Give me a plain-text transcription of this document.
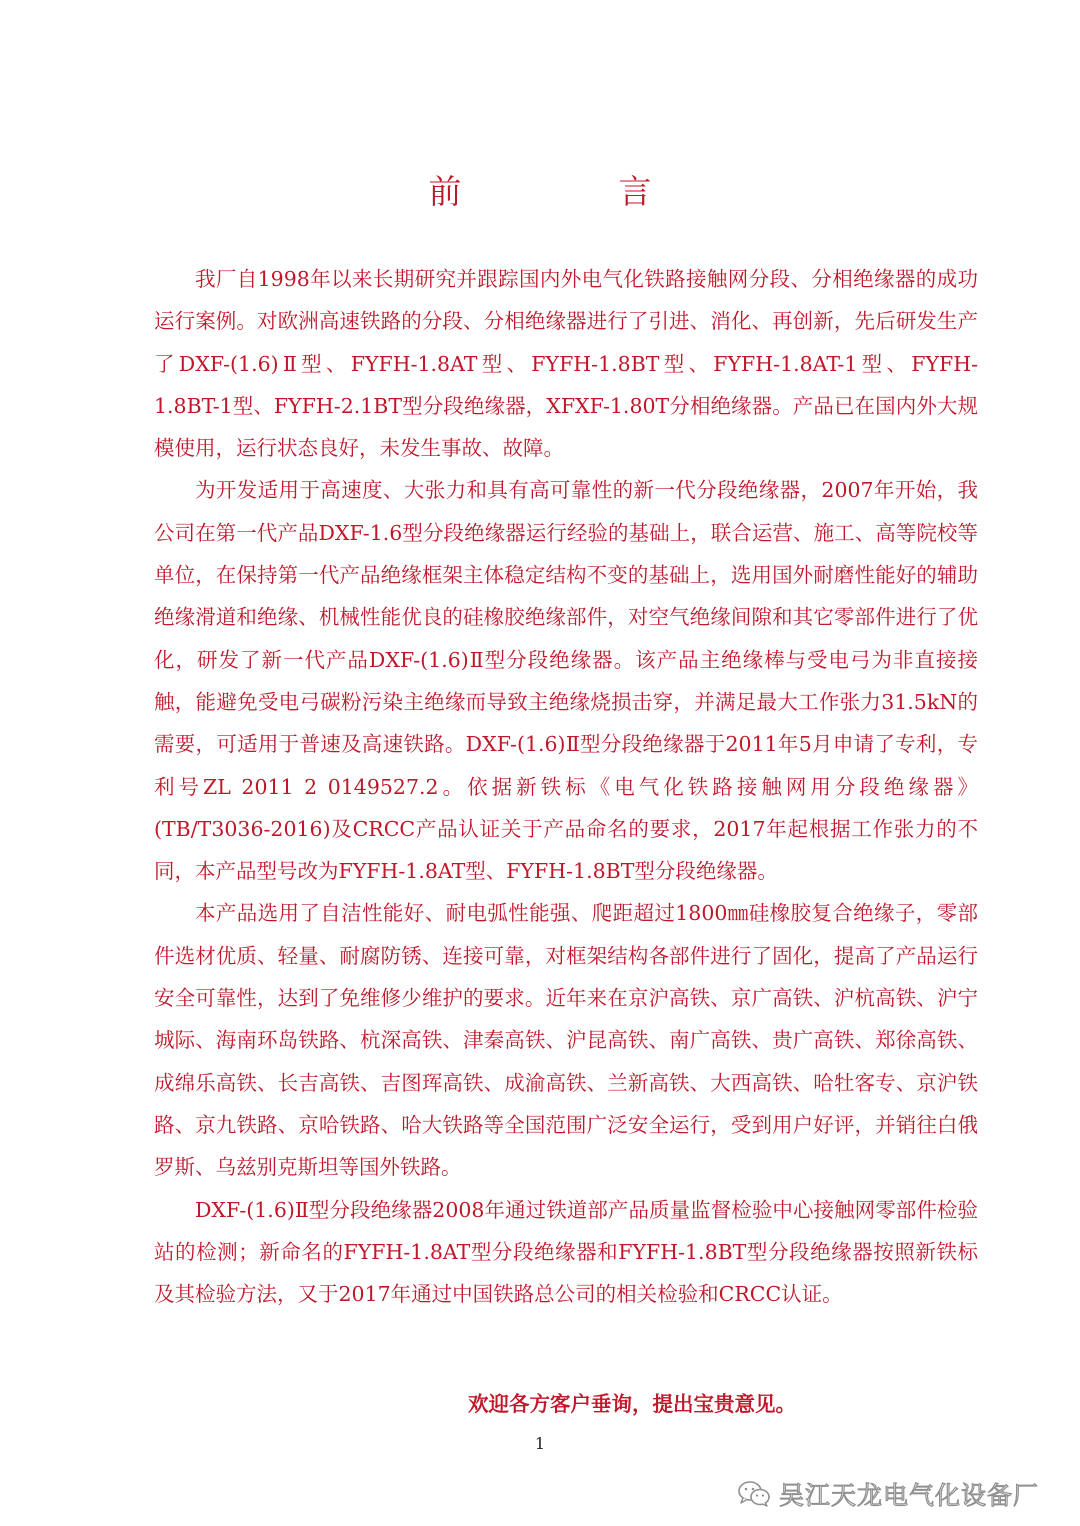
前　言

我厂自1998年以来长期研究并跟踪国内外电气化铁路接触网分段、分相绝缘器的成功运行案例。对欧洲高速铁路的分段、分相绝缘器进行了引进、消化、再创新，先后研发生产了DXF-(1.6)Ⅱ型、FYFH-1.8AT型、FYFH-1.8BT型、FYFH-1.8AT-1型、FYFH-1.8BT-1型、FYFH-2.1BT型分段绝缘器，XFXF-1.80T分相绝缘器。产品已在国内外大规模使用，运行状态良好，未发生事故、故障。

为开发适用于高速度、大张力和具有高可靠性的新一代分段绝缘器，2007年开始，我公司在第一代产品DXF-1.6型分段绝缘器运行经验的基础上，联合运营、施工、高等院校等单位，在保持第一代产品绝缘框架主体稳定结构不变的基础上，选用国外耐磨性能好的辅助绝缘滑道和绝缘、机械性能优良的硅橡胶绝缘部件，对空气绝缘间隙和其它零部件进行了优化，研发了新一代产品DXF-(1.6)Ⅱ型分段绝缘器。该产品主绝缘棒与受电弓为非直接接触，能避免受电弓碳粉污染主绝缘而导致主绝缘烧损击穿，并满足最大工作张力31.5kN的需要，可适用于普速及高速铁路。DXF-(1.6)Ⅱ型分段绝缘器于2011年5月申请了专利，专利号ZL 2011 2 0149527.2。依据新铁标《电气化铁路接触网用分段绝缘器》(TB/T3036-2016)及CRCC产品认证关于产品命名的要求，2017年起根据工作张力的不同，本产品型号改为FYFH-1.8AT型、FYFH-1.8BT型分段绝缘器。

本产品选用了自洁性能好、耐电弧性能强、爬距超过1800㎜硅橡胶复合绝缘子，零部件选材优质、轻量、耐腐防锈、连接可靠，对框架结构各部件进行了固化，提高了产品运行安全可靠性，达到了免维修少维护的要求。近年来在京沪高铁、京广高铁、沪杭高铁、沪宁城际、海南环岛铁路、杭深高铁、津秦高铁、沪昆高铁、南广高铁、贵广高铁、郑徐高铁、成绵乐高铁、长吉高铁、吉图珲高铁、成渝高铁、兰新高铁、大西高铁、哈牡客专、京沪铁路、京九铁路、京哈铁路、哈大铁路等全国范围广泛安全运行，受到用户好评，并销往白俄罗斯、乌兹别克斯坦等国外铁路。

DXF-(1.6)Ⅱ型分段绝缘器2008年通过铁道部产品质量监督检验中心接触网零部件检验站的检测；新命名的FYFH-1.8AT型分段绝缘器和FYFH-1.8BT型分段绝缘器按照新铁标及其检验方法，又于2017年通过中国铁路总公司的相关检验和CRCC认证。

欢迎各方客户垂询，提出宝贵意见。
1
吴江天龙电气化设备厂
